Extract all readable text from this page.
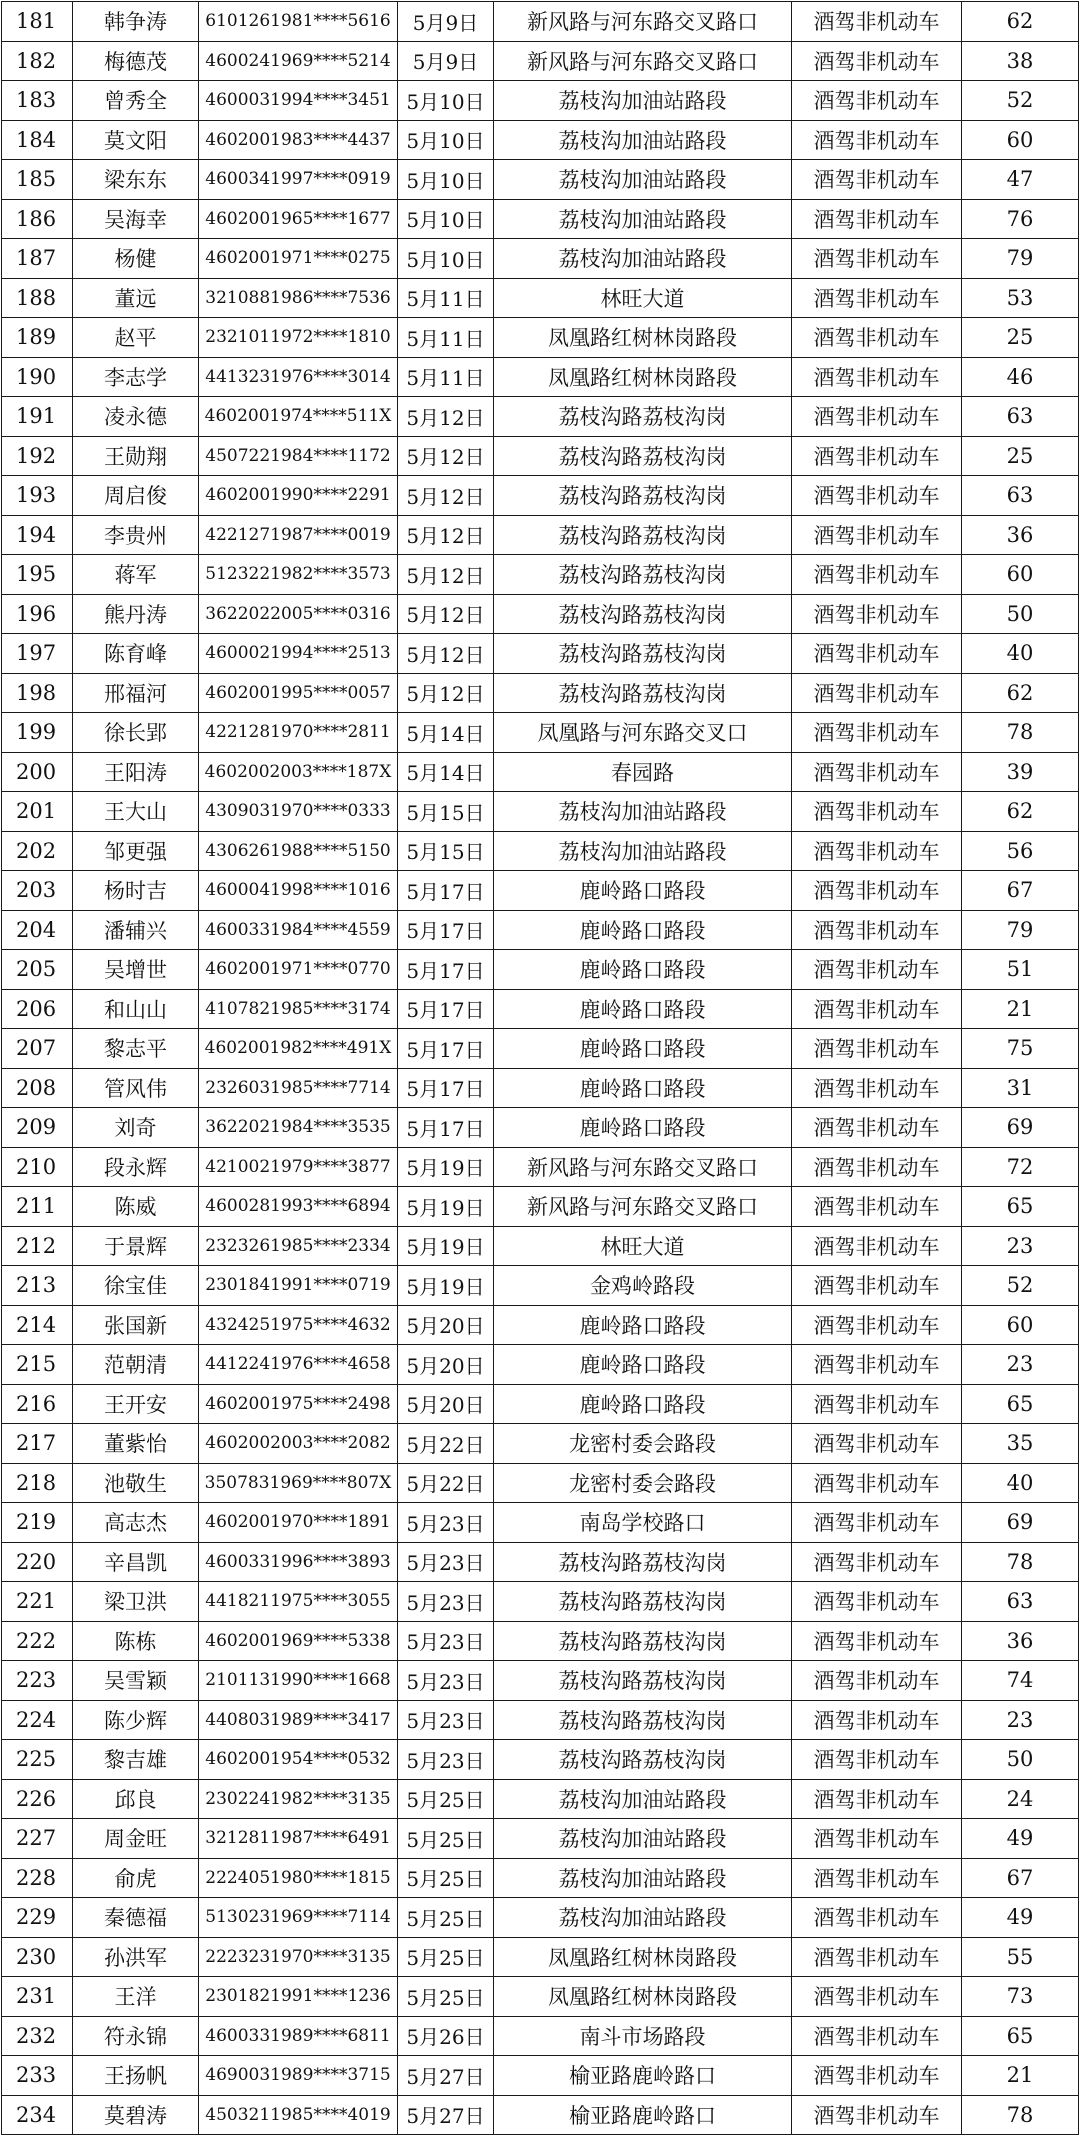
181	韩争涛	6101261981****5616	5月9日	新风路与河东路交叉路口	酒驾非机动车	62
182	梅德茂	4600241969****5214	5月9日	新风路与河东路交叉路口	酒驾非机动车	38
183	曾秀全	4600031994****3451	5月10日	荔枝沟加油站路段	酒驾非机动车	52
184	莫文阳	4602001983****4437	5月10日	荔枝沟加油站路段	酒驾非机动车	60
185	梁东东	4600341997****0919	5月10日	荔枝沟加油站路段	酒驾非机动车	47
186	吴海幸	4602001965****1677	5月10日	荔枝沟加油站路段	酒驾非机动车	76
187	杨健	4602001971****0275	5月10日	荔枝沟加油站路段	酒驾非机动车	79
188	董远	3210881986****7536	5月11日	林旺大道	酒驾非机动车	53
189	赵平	2321011972****1810	5月11日	凤凰路红树林岗路段	酒驾非机动车	25
190	李志学	4413231976****3014	5月11日	凤凰路红树林岗路段	酒驾非机动车	46
191	凌永德	4602001974****511X	5月12日	荔枝沟路荔枝沟岗	酒驾非机动车	63
192	王勋翔	4507221984****1172	5月12日	荔枝沟路荔枝沟岗	酒驾非机动车	25
193	周启俊	4602001990****2291	5月12日	荔枝沟路荔枝沟岗	酒驾非机动车	63
194	李贵州	4221271987****0019	5月12日	荔枝沟路荔枝沟岗	酒驾非机动车	36
195	蒋军	5123221982****3573	5月12日	荔枝沟路荔枝沟岗	酒驾非机动车	60
196	熊丹涛	3622022005****0316	5月12日	荔枝沟路荔枝沟岗	酒驾非机动车	50
197	陈育峰	4600021994****2513	5月12日	荔枝沟路荔枝沟岗	酒驾非机动车	40
198	邢福河	4602001995****0057	5月12日	荔枝沟路荔枝沟岗	酒驾非机动车	62
199	徐长郢	4221281970****2811	5月14日	凤凰路与河东路交叉口	酒驾非机动车	78
200	王阳涛	4602002003****187X	5月14日	春园路	酒驾非机动车	39
201	王大山	4309031970****0333	5月15日	荔枝沟加油站路段	酒驾非机动车	62
202	邹更强	4306261988****5150	5月15日	荔枝沟加油站路段	酒驾非机动车	56
203	杨时吉	4600041998****1016	5月17日	鹿岭路口路段	酒驾非机动车	67
204	潘辅兴	4600331984****4559	5月17日	鹿岭路口路段	酒驾非机动车	79
205	吴增世	4602001971****0770	5月17日	鹿岭路口路段	酒驾非机动车	51
206	和山山	4107821985****3174	5月17日	鹿岭路口路段	酒驾非机动车	21
207	黎志平	4602001982****491X	5月17日	鹿岭路口路段	酒驾非机动车	75
208	管风伟	2326031985****7714	5月17日	鹿岭路口路段	酒驾非机动车	31
209	刘奇	3622021984****3535	5月17日	鹿岭路口路段	酒驾非机动车	69
210	段永辉	4210021979****3877	5月19日	新风路与河东路交叉路口	酒驾非机动车	72
211	陈威	4600281993****6894	5月19日	新风路与河东路交叉路口	酒驾非机动车	65
212	于景辉	2323261985****2334	5月19日	林旺大道	酒驾非机动车	23
213	徐宝佳	2301841991****0719	5月19日	金鸡岭路段	酒驾非机动车	52
214	张国新	4324251975****4632	5月20日	鹿岭路口路段	酒驾非机动车	60
215	范朝清	4412241976****4658	5月20日	鹿岭路口路段	酒驾非机动车	23
216	王开安	4602001975****2498	5月20日	鹿岭路口路段	酒驾非机动车	65
217	董紫怡	4602002003****2082	5月22日	龙密村委会路段	酒驾非机动车	35
218	池敬生	3507831969****807X	5月22日	龙密村委会路段	酒驾非机动车	40
219	高志杰	4602001970****1891	5月23日	南岛学校路口	酒驾非机动车	69
220	辛昌凯	4600331996****3893	5月23日	荔枝沟路荔枝沟岗	酒驾非机动车	78
221	梁卫洪	4418211975****3055	5月23日	荔枝沟路荔枝沟岗	酒驾非机动车	63
222	陈栋	4602001969****5338	5月23日	荔枝沟路荔枝沟岗	酒驾非机动车	36
223	吴雪颖	2101131990****1668	5月23日	荔枝沟路荔枝沟岗	酒驾非机动车	74
224	陈少辉	4408031989****3417	5月23日	荔枝沟路荔枝沟岗	酒驾非机动车	23
225	黎吉雄	4602001954****0532	5月23日	荔枝沟路荔枝沟岗	酒驾非机动车	50
226	邱良	2302241982****3135	5月25日	荔枝沟加油站路段	酒驾非机动车	24
227	周金旺	3212811987****6491	5月25日	荔枝沟加油站路段	酒驾非机动车	49
228	俞虎	2224051980****1815	5月25日	荔枝沟加油站路段	酒驾非机动车	67
229	秦德福	5130231969****7114	5月25日	荔枝沟加油站路段	酒驾非机动车	49
230	孙洪军	2223231970****3135	5月25日	凤凰路红树林岗路段	酒驾非机动车	55
231	王洋	2301821991****1236	5月25日	凤凰路红树林岗路段	酒驾非机动车	73
232	符永锦	4600331989****6811	5月26日	南斗市场路段	酒驾非机动车	65
233	王扬帆	4690031989****3715	5月27日	榆亚路鹿岭路口	酒驾非机动车	21
234	莫碧涛	4503211985****4019	5月27日	榆亚路鹿岭路口	酒驾非机动车	78
